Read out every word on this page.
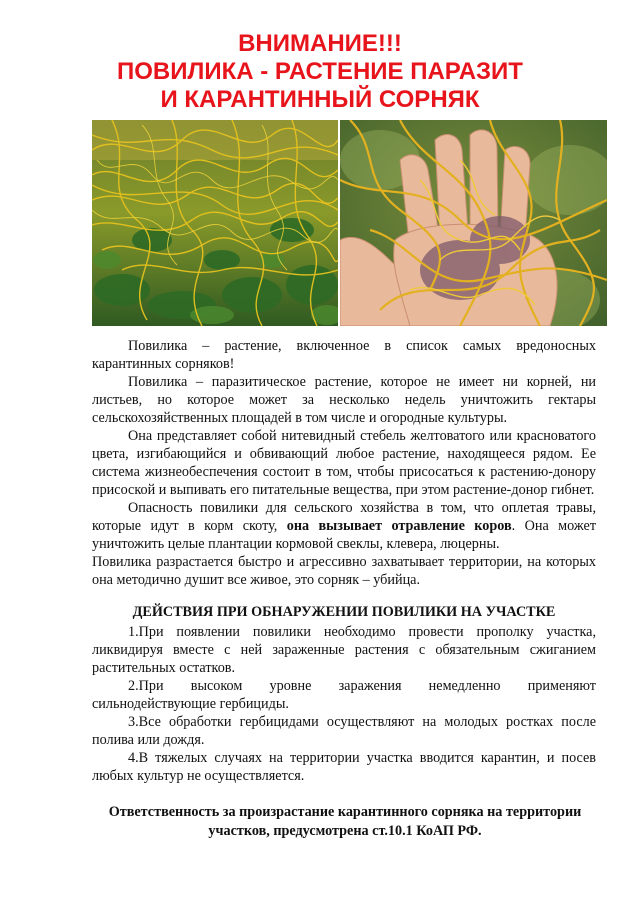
ВНИМАНИЕ!!!
ПОВИЛИКА - РАСТЕНИЕ ПАРАЗИТ
И КАРАНТИННЫЙ СОРНЯК

Повилика – растение, включенное в список самых вредоносных карантинных сорняков!

Повилика – паразитическое растение, которое не имеет ни корней, ни листьев, но которое может за несколько недель уничтожить гектары сельскохозяйственных площадей в том числе и огородные культуры.

Она представляет собой нитевидный стебель желтоватого или красноватого цвета, изгибающийся и обвивающий любое растение, находящееся рядом. Ее система жизнеобеспечения состоит в том, чтобы присосаться к растению-донору присоской и выпивать его питательные вещества, при этом растение-донор гибнет.

Опасность повилики для сельского хозяйства в том, что оплетая травы, которые идут в корм скоту, она вызывает отравление коров. Она может уничтожить целые плантации кормовой свеклы, клевера, люцерны.

Повилика разрастается быстро и агрессивно захватывает территории, на которых она методично душит все живое, это сорняк – убийца.

ДЕЙСТВИЯ ПРИ ОБНАРУЖЕНИИ ПОВИЛИКИ НА УЧАСТКЕ

1.При появлении повилики необходимо провести прополку участка, ликвидируя вместе с ней зараженные растения с обязательным сжиганием растительных остатков.

2.При высоком уровне заражения немедленно применяют сильнодействующие гербициды.

3.Все обработки гербицидами осуществляют на молодых ростках после полива или дождя.

4.В тяжелых случаях на территории участка вводится карантин, и посев любых культур не осуществляется.

Ответственность за произрастание карантинного сорняка на территории участков, предусмотрена ст.10.1 КоАП РФ.
